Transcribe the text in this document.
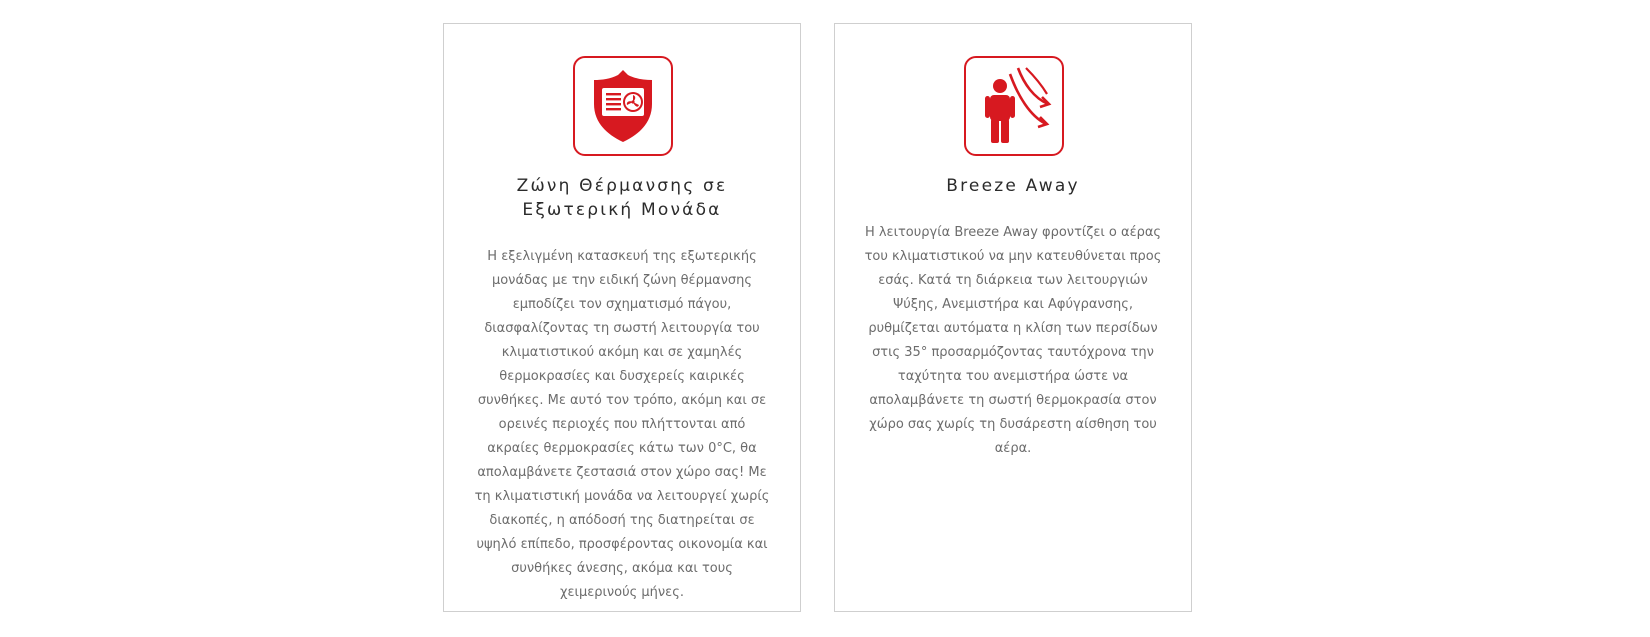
Ζώνη Θέρμανσης σε Εξωτερική Μονάδα

Η εξελιγμένη κατασκευή της εξωτερικής μονάδας με την ειδική ζώνη θέρμανσης εμποδίζει τον σχηματισμό πάγου, διασφαλίζοντας τη σωστή λειτουργία του κλιματιστικού ακόμη και σε χαμηλές θερμοκρασίες και δυσχερείς καιρικές συνθήκες. Με αυτό τον τρόπο, ακόμη και σε ορεινές περιοχές που πλήττονται από ακραίες θερμοκρασίες κάτω των 0°C, θα απολαμβάνετε ζεστασιά στον χώρο σας! Με τη κλιματιστική μονάδα να λειτουργεί χωρίς διακοπές, η απόδοσή της διατηρείται σε υψηλό επίπεδο, προσφέροντας οικονομία και συνθήκες άνεσης, ακόμα και τους χειμερινούς μήνες.

Breeze Away

Η λειτουργία Breeze Away φροντίζει ο αέρας του κλιματιστικού να μην κατευθύνεται προς εσάς. Κατά τη διάρκεια των λειτουργιών Ψύξης, Ανεμιστήρα και Αφύγρανσης, ρυθμίζεται αυτόματα η κλίση των περσίδων στις 35° προσαρμόζοντας ταυτόχρονα την ταχύτητα του ανεμιστήρα ώστε να απολαμβάνετε τη σωστή θερμοκρασία στον χώρο σας χωρίς τη δυσάρεστη αίσθηση του αέρα.
